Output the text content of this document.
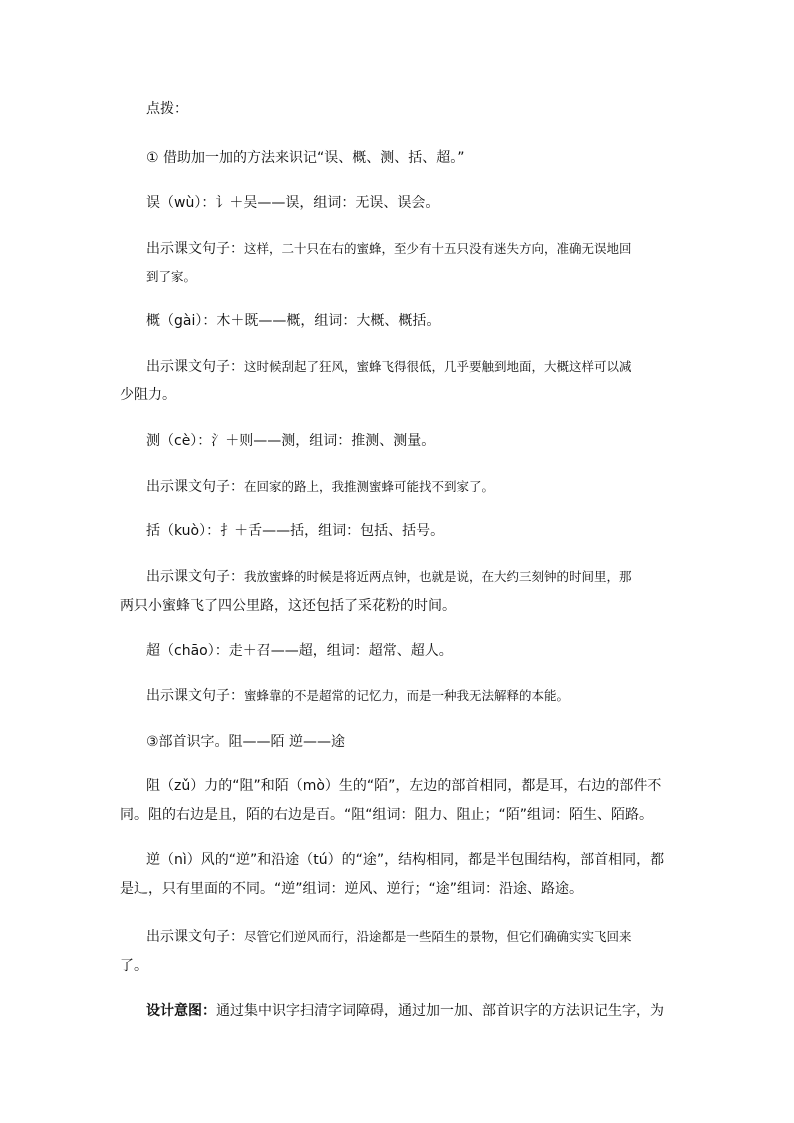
点拨：

① 借助加一加的方法来识记“误、概、测、括、超。”

误（wù）：讠＋吴——误，组词：无误、误会。

出示课文句子：这样，二十只在右的蜜蜂，至少有十五只没有迷失方向，准确无误地回

到了家。

概（gài）：木＋既——概，组词：大概、概括。

出示课文句子：这时候刮起了狂风，蜜蜂飞得很低，几乎要触到地面，大概这样可以减

少阻力。

测（cè）：氵＋则——测，组词：推测、测量。

出示课文句子：在回家的路上，我推测蜜蜂可能找不到家了。

括（kuò）：扌＋舌——括，组词：包括、括号。

出示课文句子：我放蜜蜂的时候是将近两点钟，也就是说，在大约三刻钟的时间里，那

两只小蜜蜂飞了四公里路，这还包括了采花粉的时间。

超（chāo）：走＋召——超，组词：超常、超人。

出示课文句子：蜜蜂靠的不是超常的记忆力，而是一种我无法解释的本能。

③部首识字。阻——陌 逆——途

阻（zǔ）力的“阻”和陌（mò）生的“陌”，左边的部首相同，都是耳，右边的部件不

同。阻的右边是且，陌的右边是百。“阻“组词：阻力、阻止；“陌”组词：陌生、陌路。

逆（nì）风的“逆”和沿途（tú）的“途”，结构相同，都是半包围结构，部首相同，都

是辶，只有里面的不同。“逆”组词：逆风、逆行；“途”组词：沿途、路途。

出示课文句子：尽管它们逆风而行，沿途都是一些陌生的景物，但它们确确实实飞回来

了。

设计意图：通过集中识字扫清字词障碍，通过加一加、部首识字的方法识记生字，为
